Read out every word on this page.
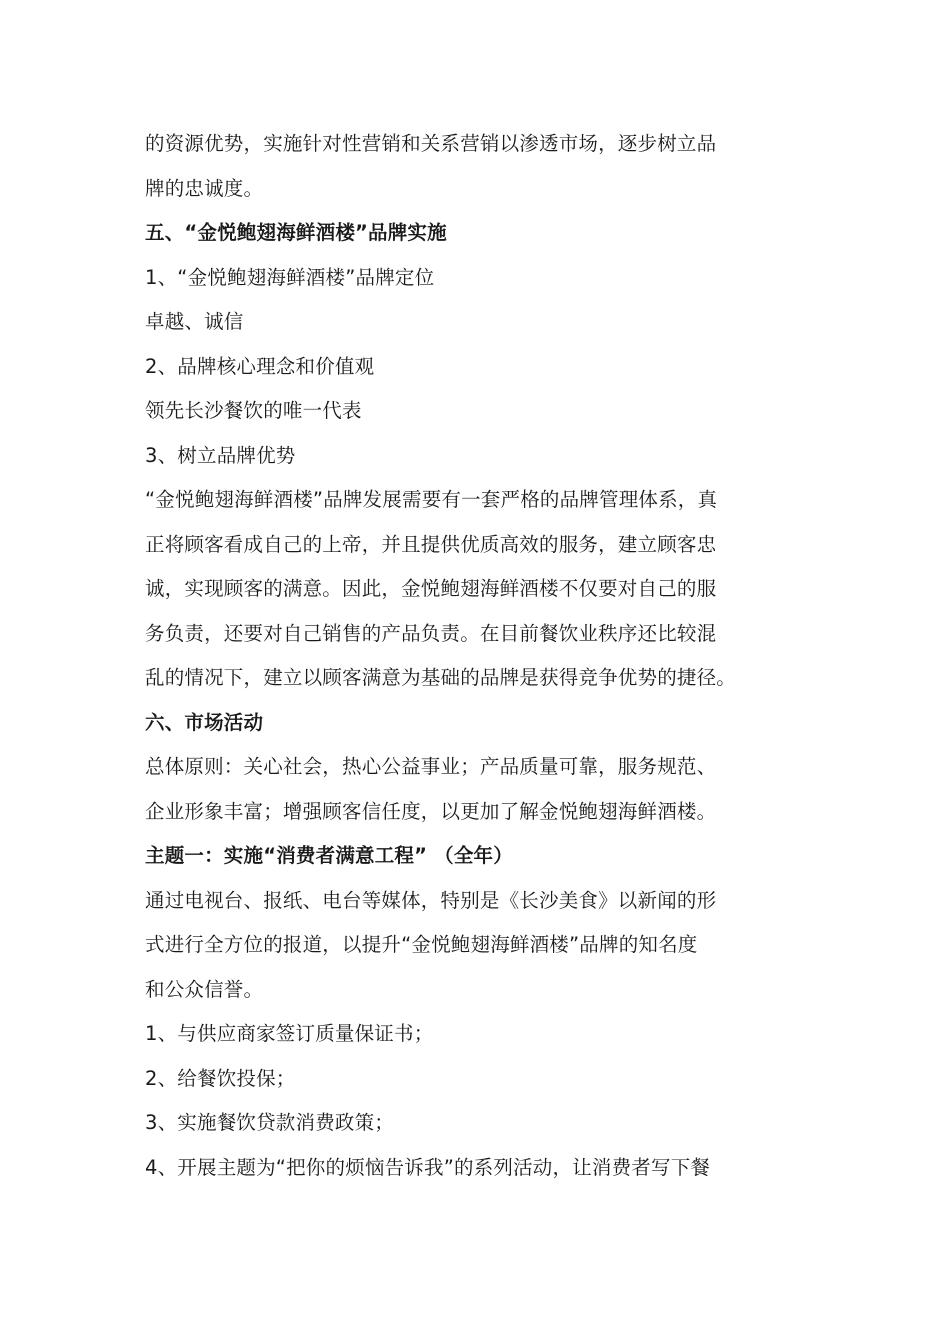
的资源优势，实施针对性营销和关系营销以渗透市场，逐步树立品
牌的忠诚度。
五、“金悦鲍翅海鲜酒楼”品牌实施
1、“金悦鲍翅海鲜酒楼”品牌定位
卓越、诚信
2、品牌核心理念和价值观
领先长沙餐饮的唯一代表
3、树立品牌优势
“金悦鲍翅海鲜酒楼”品牌发展需要有一套严格的品牌管理体系，真
正将顾客看成自己的上帝，并且提供优质高效的服务，建立顾客忠
诚，实现顾客的满意。因此，金悦鲍翅海鲜酒楼不仅要对自己的服
务负责，还要对自己销售的产品负责。在目前餐饮业秩序还比较混
乱的情况下，建立以顾客满意为基础的品牌是获得竞争优势的捷径。
六、市场活动
总体原则：关心社会，热心公益事业；产品质量可靠，服务规范、
企业形象丰富；增强顾客信任度，以更加了解金悦鲍翅海鲜酒楼。
主题一：实施“消费者满意工程” （全年）
通过电视台、报纸、电台等媒体，特别是《长沙美食》以新闻的形
式进行全方位的报道，以提升“金悦鲍翅海鲜酒楼”品牌的知名度
和公众信誉。
1、与供应商家签订质量保证书；
2、给餐饮投保；
3、实施餐饮贷款消费政策；
4、开展主题为“把你的烦恼告诉我”的系列活动，让消费者写下餐
